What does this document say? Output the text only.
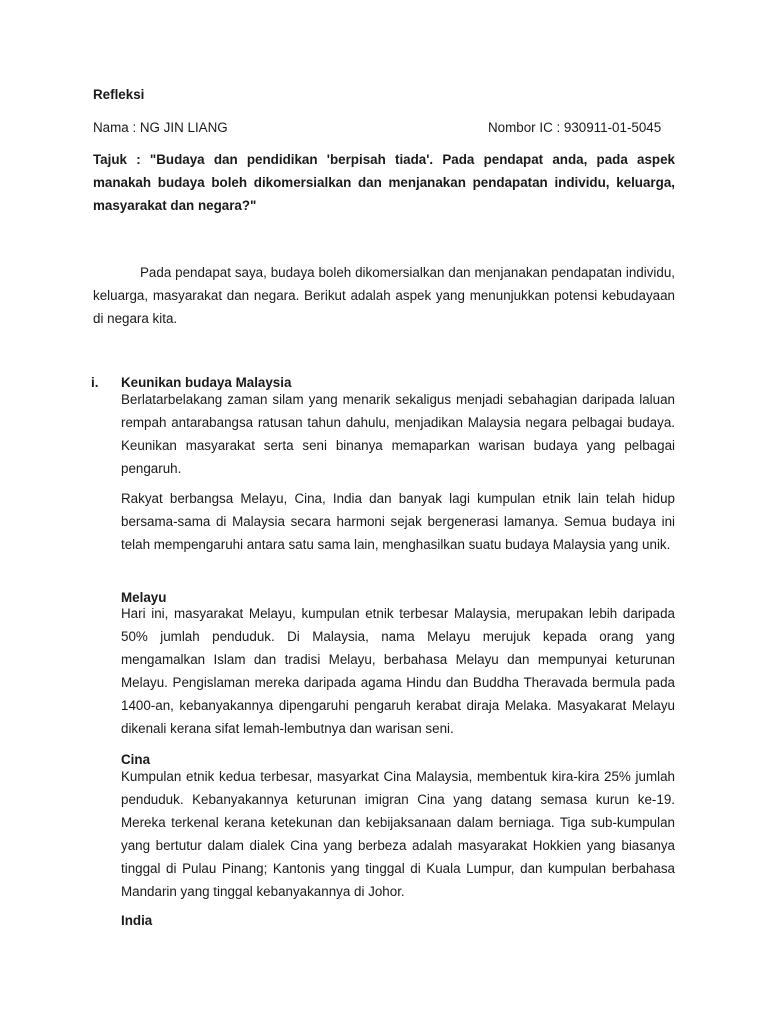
Refleksi
Nama : NG JIN LIANG	Nombor IC : 930911-01-5045
Tajuk : "Budaya dan pendidikan 'berpisah tiada'. Pada pendapat anda, pada aspek manakah budaya boleh dikomersialkan dan menjanakan pendapatan individu, keluarga, masyarakat dan negara?"
Pada pendapat saya, budaya boleh dikomersialkan dan menjanakan pendapatan individu, keluarga, masyarakat dan negara. Berikut adalah aspek yang menunjukkan potensi kebudayaan di negara kita.
i. Keunikan budaya Malaysia
Berlatarbelakang zaman silam yang menarik sekaligus menjadi sebahagian daripada laluan rempah antarabangsa ratusan tahun dahulu, menjadikan Malaysia negara pelbagai budaya. Keunikan masyarakat serta seni binanya memaparkan warisan budaya yang pelbagai pengaruh.
Rakyat berbangsa Melayu, Cina, India dan banyak lagi kumpulan etnik lain telah hidup bersama-sama di Malaysia secara harmoni sejak bergenerasi lamanya. Semua budaya ini telah mempengaruhi antara satu sama lain, menghasilkan suatu budaya Malaysia yang unik.
Melayu
Hari ini, masyarakat Melayu, kumpulan etnik terbesar Malaysia, merupakan lebih daripada 50% jumlah penduduk. Di Malaysia, nama Melayu merujuk kepada orang yang mengamalkan Islam dan tradisi Melayu, berbahasa Melayu dan mempunyai keturunan Melayu. Pengislaman mereka daripada agama Hindu dan Buddha Theravada bermula pada 1400-an, kebanyakannya dipengaruhi pengaruh kerabat diraja Melaka. Masyakarat Melayu dikenali kerana sifat lemah-lembutnya dan warisan seni.
Cina
Kumpulan etnik kedua terbesar, masyarkat Cina Malaysia, membentuk kira-kira 25% jumlah penduduk. Kebanyakannya keturunan imigran Cina yang datang semasa kurun ke-19. Mereka terkenal kerana ketekunan dan kebijaksanaan dalam berniaga. Tiga sub-kumpulan yang bertutur dalam dialek Cina yang berbeza adalah masyarakat Hokkien yang biasanya tinggal di Pulau Pinang; Kantonis yang tinggal di Kuala Lumpur, dan kumpulan berbahasa Mandarin yang tinggal kebanyakannya di Johor.
India
